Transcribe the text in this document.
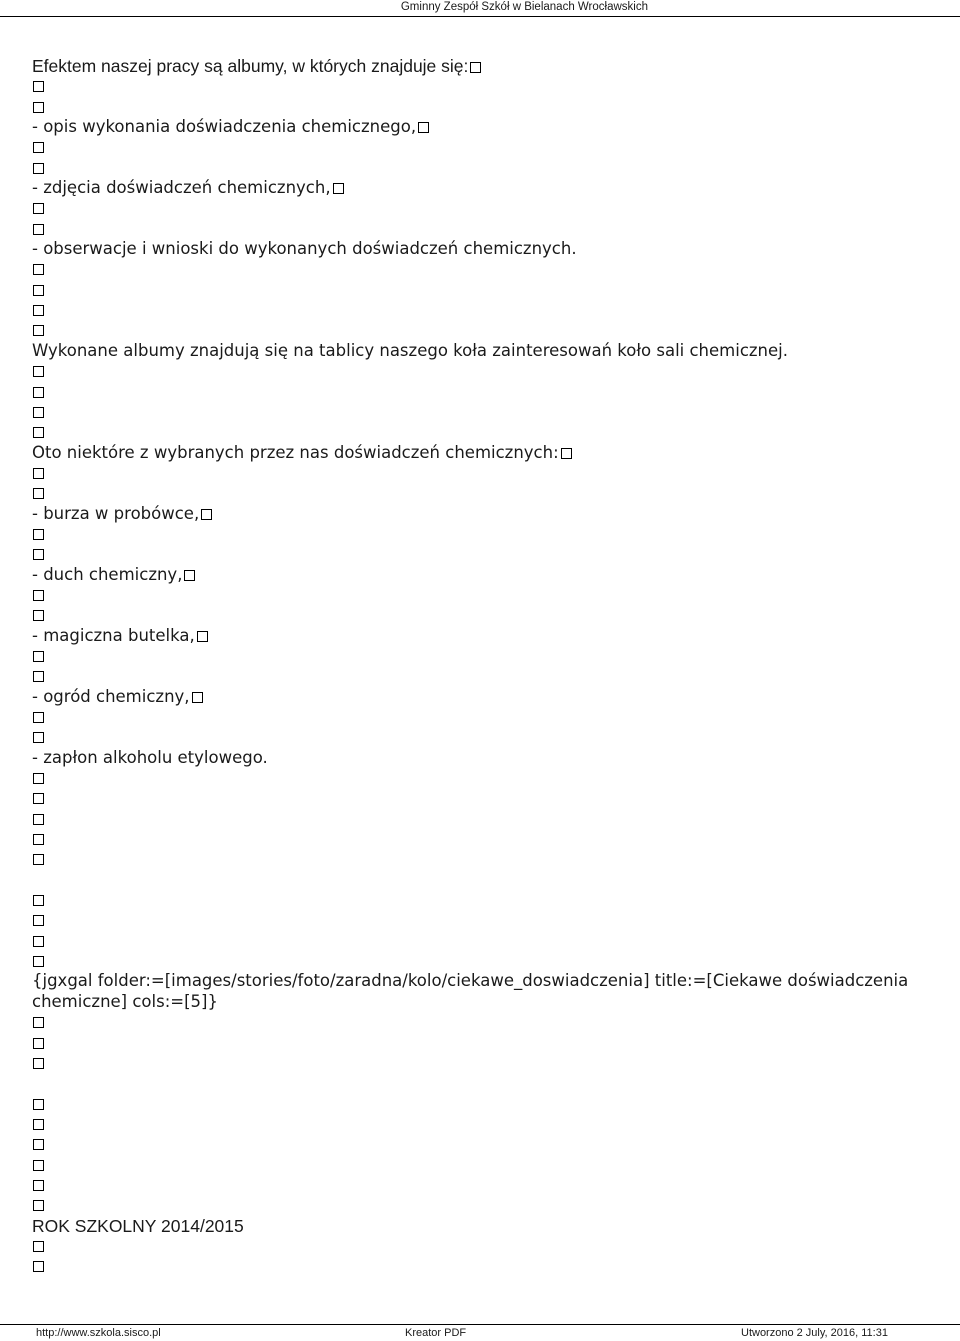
Gminny Zespół Szkół w Bielanach Wrocławskich
Efektem naszej pracy są albumy, w których znajduje się:
- opis wykonania doświadczenia chemicznego,
- zdjęcia doświadczeń chemicznych,
- obserwacje i wnioski do wykonanych doświadczeń chemicznych.
Wykonane albumy znajdują się na tablicy naszego koła zainteresowań koło sali chemicznej.
Oto niektóre z wybranych przez nas doświadczeń chemicznych:
- burza w probówce,
- duch chemiczny,
- magiczna butelka,
- ogród chemiczny,
- zapłon alkoholu etylowego.
{jgxgal folder:=[images/stories/foto/zaradna/kolo/ciekawe_doswiadczenia] title:=[Ciekawe doświadczenia chemiczne] cols:=[5]}
ROK SZKOLNY 2014/2015
http://www.szkola.sisco.pl	Kreator PDF	Utworzono 2 July, 2016, 11:31
